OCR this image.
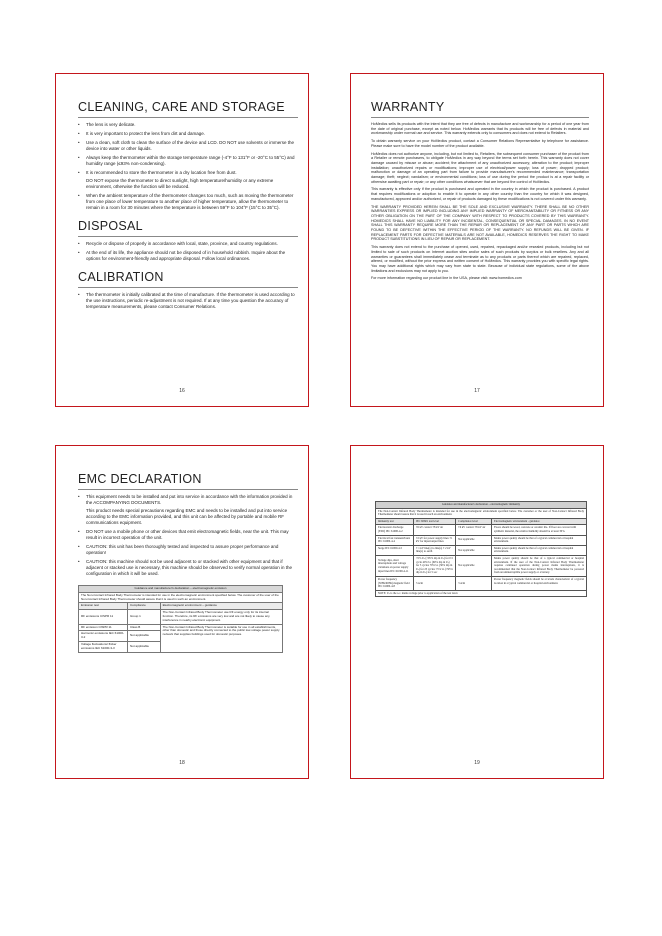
CLEANING, CARE AND STORAGE
• The lens is very delicate.
• It is very important to protect the lens from dirt and damage.
• Use a clean, soft cloth to clean the surface of the device and LCD. DO NOT use solvents or immerse the device into water or other liquids.
• Always keep the thermometer within the storage temperature range (-4°F to 131°F or -20°C to 55°C) and humidity range (≤93% non-condensing).
• It is recommended to store the thermometer in a dry location free from dust.
DO NOT expose the thermometer to direct sunlight, high temperature/humidity or any extreme environment, otherwise the function will be reduced.
• When the ambient temperature of the thermometer changes too much, such as moving the thermometer from one place of lower temperature to another place of higher temperature, allow the thermometer to remain in a room for 30 minutes where the temperature is between 59°F to 104°F (15°C to 35°C).
DISPOSAL
• Recycle or dispose of properly in accordance with local, state, province, and country regulations.
• At the end of its life, the appliance should not be disposed of in household rubbish. Inquire about the options for environment-friendly and appropriate disposal. Follow local ordinances.
CALIBRATION
• The thermometer is initially calibrated at the time of manufacture. If the thermometer is used according to the use instructions, periodic re-adjustment is not required. If at any time you question the accuracy of temperature measurements, please contact Consumer Relations.
16
WARRANTY

HoMedics sells its products with the intent that they are free of defects in manufacture and workmanship for a period of one year from the date of original purchase, except as noted below. HoMedics warrants that its products will be free of defects in material and workmanship under normal use and service. This warranty extends only to consumers and does not extend to Retailers.

To obtain warranty service on your HoMedics product, contact a Consumer Relations Representative by telephone for assistance. Please make sure to have the model number of the product available.

HoMedics does not authorize anyone, including, but not limited to, Retailers, the subsequent consumer purchaser of the product from a Retailer or remote purchasers, to obligate HoMedics in any way beyond the terms set forth herein. This warranty does not cover damage caused by misuse or abuse; accident; the attachment of any unauthorized accessory; alteration to the product; improper installation; unauthorized repairs or modifications; improper use of electrical/power supply; loss of power; dropped product; malfunction or damage of an operating part from failure to provide manufacturer's recommended maintenance; transportation damage; theft; neglect; vandalism; or environmental conditions; loss of use during the period the product is at a repair facility or otherwise awaiting part or repair; or any other conditions whatsoever that are beyond the control of HoMedics.

This warranty is effective only if the product is purchased and operated in the country in which the product is purchased. A product that requires modifications or adoption to enable it to operate in any other country than the country for which it was designed, manufactured, approved and/or authorized, or repair of products damaged by these modifications is not covered under this warranty.

THE WARRANTY PROVIDED HEREIN SHALL BE THE SOLE AND EXCLUSIVE WARRANTY. THERE SHALL BE NO OTHER WARRANTIES EXPRESS OR IMPLIED INCLUDING ANY IMPLIED WARRANTY OF MERCHANTABILITY OR FITNESS OR ANY OTHER OBLIGATION ON THE PART OF THE COMPANY WITH RESPECT TO PRODUCTS COVERED BY THIS WARRANTY. HOMEDICS SHALL HAVE NO LIABILITY FOR ANY INCIDENTAL, CONSEQUENTIAL OR SPECIAL DAMAGES. IN NO EVENT SHALL THIS WARRANTY REQUIRE MORE THAN THE REPAIR OR REPLACEMENT OF ANY PART OR PARTS WHICH ARE FOUND TO BE DEFECTIVE WITHIN THE EFFECTIVE PERIOD OF THE WARRANTY. NO REFUNDS WILL BE GIVEN. IF REPLACEMENT PARTS FOR DEFECTIVE MATERIALS ARE NOT AVAILABLE, HOMEDICS RESERVES THE RIGHT TO MAKE PRODUCT SUBSTITUTIONS IN LIEU OF REPAIR OR REPLACEMENT.

This warranty does not extend to the purchase of opened, used, repaired, repackaged and/or resealed products, including but not limited to sale of such products on Internet auction sites and/or sales of such products by surplus or bulk resellers. Any and all warranties or guarantees shall immediately cease and terminate as to any products or parts thereof which are repaired, replaced, altered, or modified, without the prior express and written consent of HoMedics. This warranty provides you with specific legal rights. You may have additional rights which may vary from state to state. Because of individual state regulations, some of the above limitations and exclusions may not apply to you.

For more information regarding our product line in the USA, please visit: www.homedics.com

17
EMC DECLARATION
• This equipment needs to be installed and put into service in accordance with the information provided in the ACCOMPANYING DOCUMENTS.
This product needs special precautions regarding EMC and needs to be installed and put into service according to the EMC information provided, and this unit can be affected by portable and mobile RF communications equipment.
• DO NOT use a mobile phone or other devices that emit electromagnetic fields, near the unit. This may result in incorrect operation of the unit.
• CAUTION: this unit has been thoroughly tested and inspected to assure proper performance and operation!
• CAUTION: this machine should not be used adjacent to or stacked with other equipment and that if adjacent or stacked use is necessary, this machine should be observed to verify normal operation in the configuration in which it will be used.
Guidance and manufacturer's declaration – electromagnetic emission		
The Non-Contact Infrared Body Thermometer is intended for use in the electromagnetic environment specified below. The customer of the user of the Non-Contact Infrared Body Thermometer should assure that it is used in such an environment.		
Emission test	Compliance	Electromagnetic environment – guidance
RF emissions CISPR 11	Group 1	The Non-Contact Infrared Body Thermometer use RF energy only for its internal function. Therefore, its RF emissions are very low and are not likely to cause any interference in nearby electronic equipment.
RF emission CISPR 11	Class B	The Non-Contact Infrared Body Thermometer is suitable for use in all establishments, other than domestic and those directly connected to the public low-voltage power supply network that supplies buildings used for domestic purposes.
Harmonic emissions IEC 61000-3-2	Not applicable	
Voltage fluctuations/ flicker emissions IEC 61000-3-3	Not applicable	
18
Guidance and manufacturer's declaration – electromagnetic immunity			
The Non-Contact Infrared Body Thermometer is intended for use in the electromagnetic environment specified below. The customer or the user of Non-Contact Infrared Body Thermometer should assure that it is used in such an environment.			
Immunity test	IEC 60601 test level	Compliance level	Electromagnetic environment - guidance
Electrostatic discharge (ESD) IEC 61000-4-2	±6 kV contact ±8 kV air	±6 kV contact ±8 kV air	Floors should be wood, concrete or ceramic tile. If floor are covered with synthetic material, the relative humidity should be at least 30%.
Electrical fast transient/burst IEC 61000-4-4	±2 kV for power supply lines ±1 kV for input/output lines	Not applicable	Mains power quality should be that of a typical commercial or hospital environment.
Surge IEC 61000-4-5	± 1 kV line(s) to line(s) ± 2 kV line(s) to earth	Not applicable	Mains power quality should be that of a typical commercial or hospital environment.
Voltage dips, short interruptions and voltage variations on power supply input lines IEC 61000-4-11	<5% Uₜ (>95% dip in Uₜ) for 0.5 cycle 40% Uₜ (60% dip in Uₜ) for 5 cycles 70% Uₜ (30% dip in Uₜ) for 25 cycles <5% Uₜ (>95% dip in Uₜ) for 5 sec	Not applicable	Mains power quality should be that of a typical commercial or hospital environment. If the user of the Non-Contact Infrared Body Thermometer requires continued operation during power mains interruptions, it is recommended that the Non-Contact Infrared Body Thermometer be powered from an uninterruptible power supply or a battery.
Power frequency (50Hz/60Hz) magnetic field IEC 61000-4-8	3 A/m	3 A/m	Power frequency magnetic fields should be at levels characteristic of a typical location in a typical commercial or hospital environment.
NOTE: Uₜ is the a.c. mains voltage prior to application of the test level.			
19
